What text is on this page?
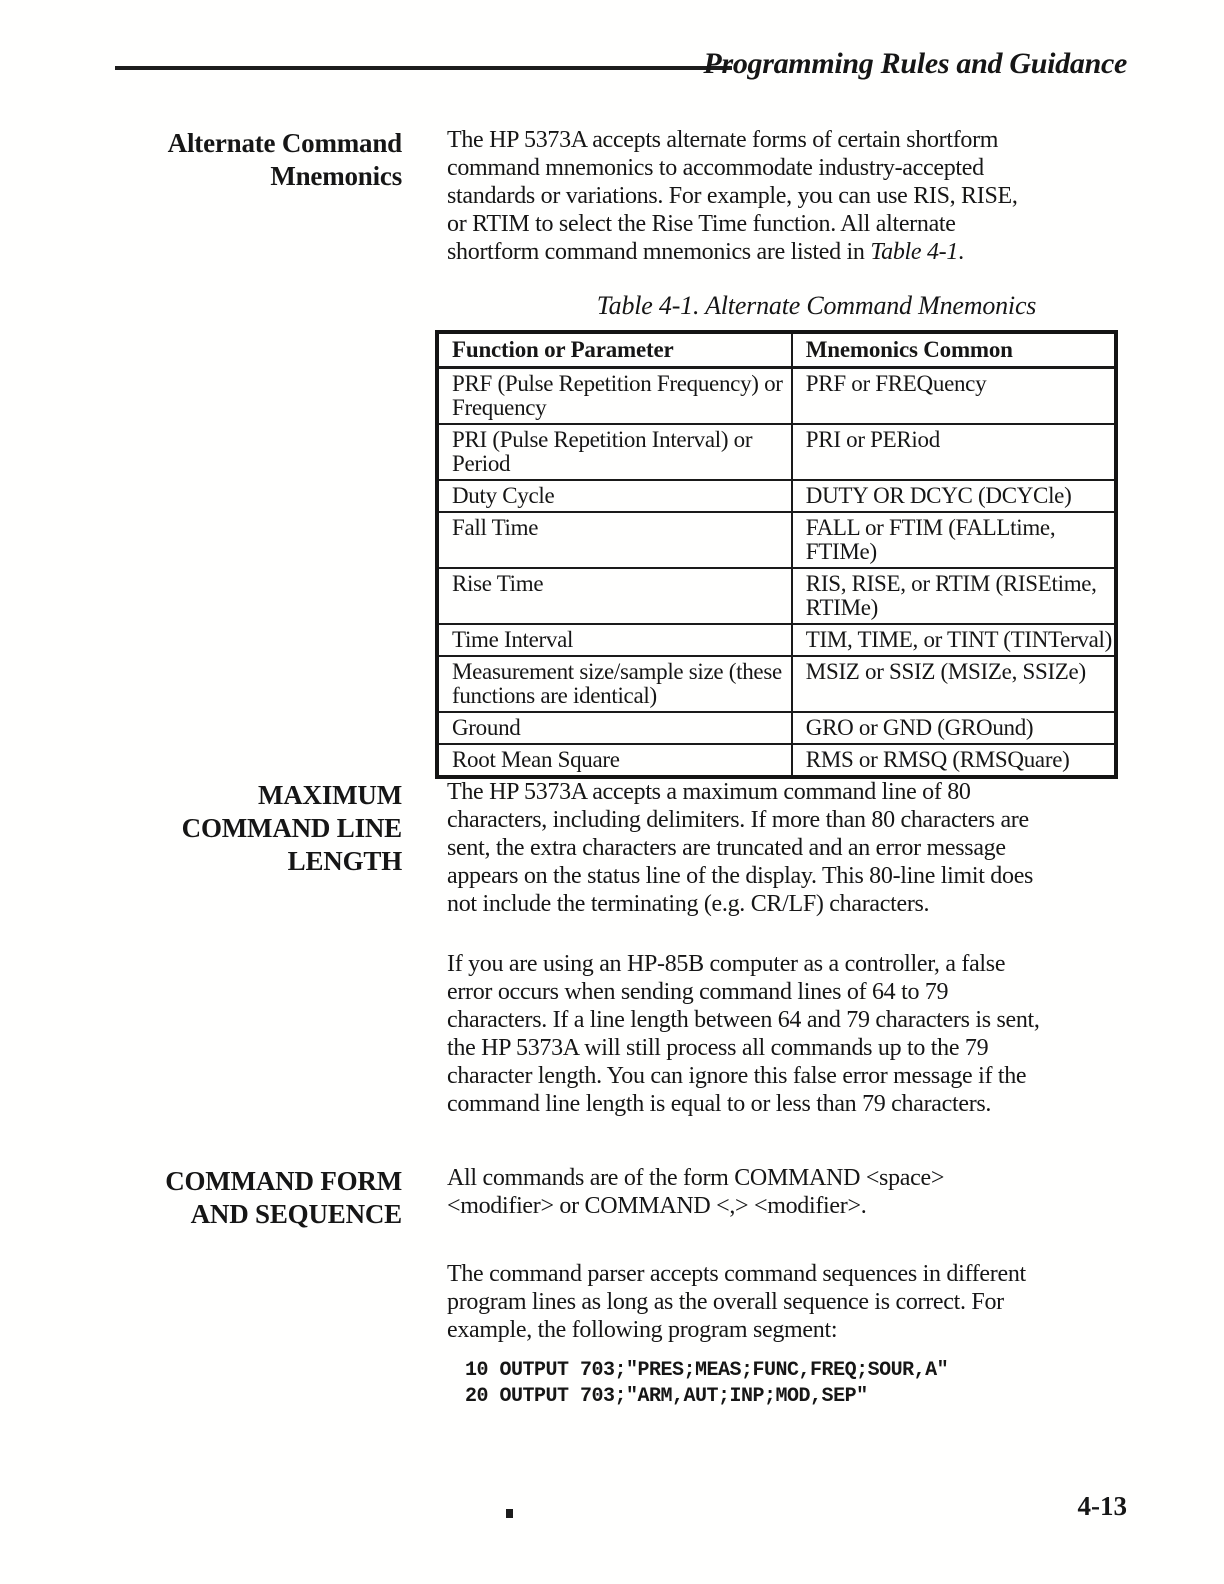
Programming Rules and Guidance
Alternate Command
Mnemonics
The HP 5373A accepts alternate forms of certain shortform
command mnemonics to accommodate industry-accepted
standards or variations. For example, you can use RIS, RISE,
or RTIM to select the Rise Time function. All alternate
shortform command mnemonics are listed in Table 4-1.
Table 4-1. Alternate Command Mnemonics
Function or Parameter	Mnemonics Common

PRF (Pulse Repetition Frequency) or
Frequency	PRF or FREQuency

PRI (Pulse Repetition Interval) or
Period	PRI or PERiod

Duty Cycle	DUTY OR DCYC (DCYCle)

Fall Time	FALL or FTIM (FALLtime,
FTIMe)

Rise Time	RIS, RISE, or RTIM (RISEtime,
RTIMe)

Time Interval	TIM, TIME, or TINT (TINTerval)

Measurement size/sample size (these
functions are identical)	MSIZ or SSIZ (MSIZe, SSIZe)

Ground	GRO or GND (GROund)

Root Mean Square	RMS or RMSQ (RMSQuare)
MAXIMUM
COMMAND LINE
LENGTH
The HP 5373A accepts a maximum command line of 80
characters, including delimiters. If more than 80 characters are
sent, the extra characters are truncated and an error message
appears on the status line of the display. This 80-line limit does
not include the terminating (e.g. CR/LF) characters.
If you are using an HP-85B computer as a controller, a false
error occurs when sending command lines of 64 to 79
characters. If a line length between 64 and 79 characters is sent,
the HP 5373A will still process all commands up to the 79
character length. You can ignore this false error message if the
command line length is equal to or less than 79 characters.
COMMAND FORM
AND SEQUENCE
All commands are of the form COMMAND <space>
<modifier> or COMMAND <,> <modifier>.
The command parser accepts command sequences in different
program lines as long as the overall sequence is correct. For
example, the following program segment:
10 OUTPUT 703;"PRES;MEAS;FUNC,FREQ;SOUR,A"
20 OUTPUT 703;"ARM,AUT;INP;MOD,SEP"
4-13
